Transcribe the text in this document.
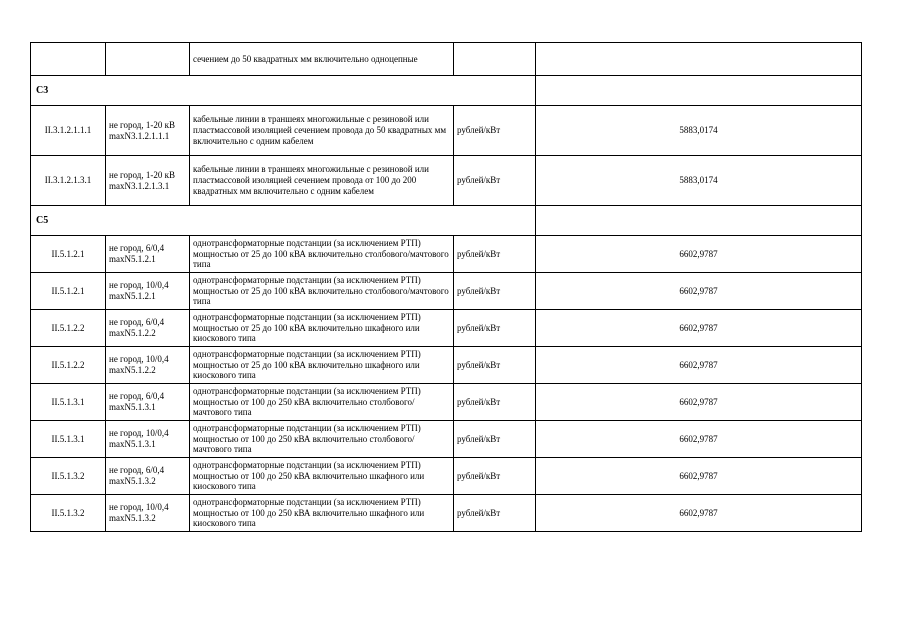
		сечением до 50 квадратных мм включительно одноцепные		
С3				
II.3.1.2.1.1.1	не город, 1-20 кВ maxN3.1.2.1.1.1	кабельные линии в траншеях многожильные с резиновой или пластмассовой изоляцией сечением провода до 50 квадратных мм включительно с одним кабелем	рублей/кВт	5883,0174
II.3.1.2.1.3.1	не город, 1-20 кВ maxN3.1.2.1.3.1	кабельные линии в траншеях многожильные с резиновой или пластмассовой изоляцией сечением провода от 100 до 200 квадратных мм включительно с одним кабелем	рублей/кВт	5883,0174
С5				
II.5.1.2.1	не город, 6/0,4 maxN5.1.2.1	однотрансформаторные подстанции (за исключением РТП) мощностью от 25 до 100 кВА включительно столбового/мачтового типа	рублей/кВт	6602,9787
II.5.1.2.1	не город, 10/0,4 maxN5.1.2.1	однотрансформаторные подстанции (за исключением РТП) мощностью от 25 до 100 кВА включительно столбового/мачтового типа	рублей/кВт	6602,9787
II.5.1.2.2	не город, 6/0,4 maxN5.1.2.2	однотрансформаторные подстанции (за исключением РТП) мощностью от 25 до 100 кВА включительно шкафного или киоскового типа	рублей/кВт	6602,9787
II.5.1.2.2	не город, 10/0,4 maxN5.1.2.2	однотрансформаторные подстанции (за исключением РТП) мощностью от 25 до 100 кВА включительно шкафного или киоскового типа	рублей/кВт	6602,9787
II.5.1.3.1	не город, 6/0,4 maxN5.1.3.1	однотрансформаторные подстанции (за исключением РТП) мощностью от 100 до 250 кВА включительно столбового/мачтового типа	рублей/кВт	6602,9787
II.5.1.3.1	не город, 10/0,4 maxN5.1.3.1	однотрансформаторные подстанции (за исключением РТП) мощностью от 100 до 250 кВА включительно столбового/мачтового типа	рублей/кВт	6602,9787
II.5.1.3.2	не город, 6/0,4 maxN5.1.3.2	однотрансформаторные подстанции (за исключением РТП) мощностью от 100 до 250 кВА включительно шкафного или киоскового типа	рублей/кВт	6602,9787
II.5.1.3.2	не город, 10/0,4 maxN5.1.3.2	однотрансформаторные подстанции (за исключением РТП) мощностью от 100 до 250 кВА включительно шкафного или киоскового типа	рублей/кВт	6602,9787
